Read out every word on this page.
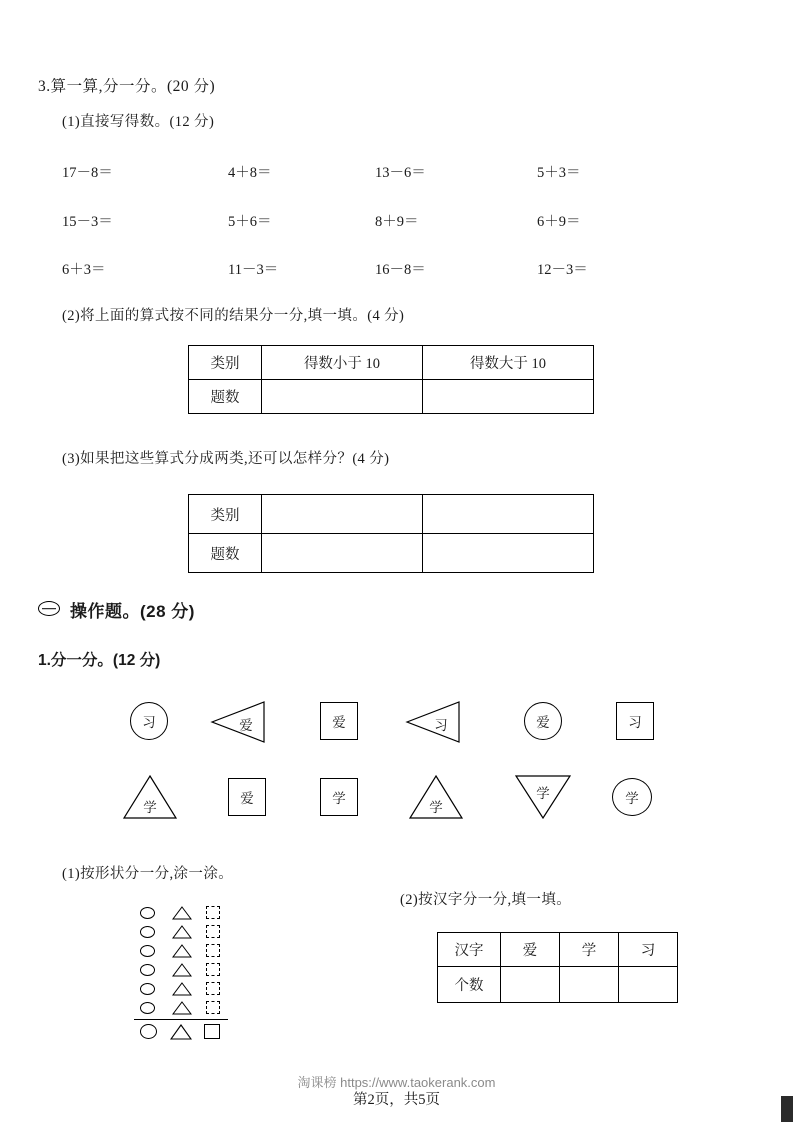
3.算一算,分一分。(20 分)
(1)直接写得数。(12 分)
17－8＝	4＋8＝	13－6＝	5＋3＝
15－3＝	5＋6＝	8＋9＝	6＋9＝
6＋3＝	11－3＝	16－8＝	12－3＝
(2)将上面的算式按不同的结果分一分,填一填。(4 分)
类别	得数小于 10	得数大于 10
题数		
(3)如果把这些算式分成两类,还可以怎样分？(4 分)
类别		
题数		
操作题。(28 分)
1.分一分。(12 分)
习	爱	爱	习	爱	习
学
爱	学
学
学	学
(1)按形状分一分,涂一涂。
(2)按汉字分一分,填一填。
汉字	爱	学	习
个数			
淘课榜 https://www.taokerank.com
第2页，共5页
